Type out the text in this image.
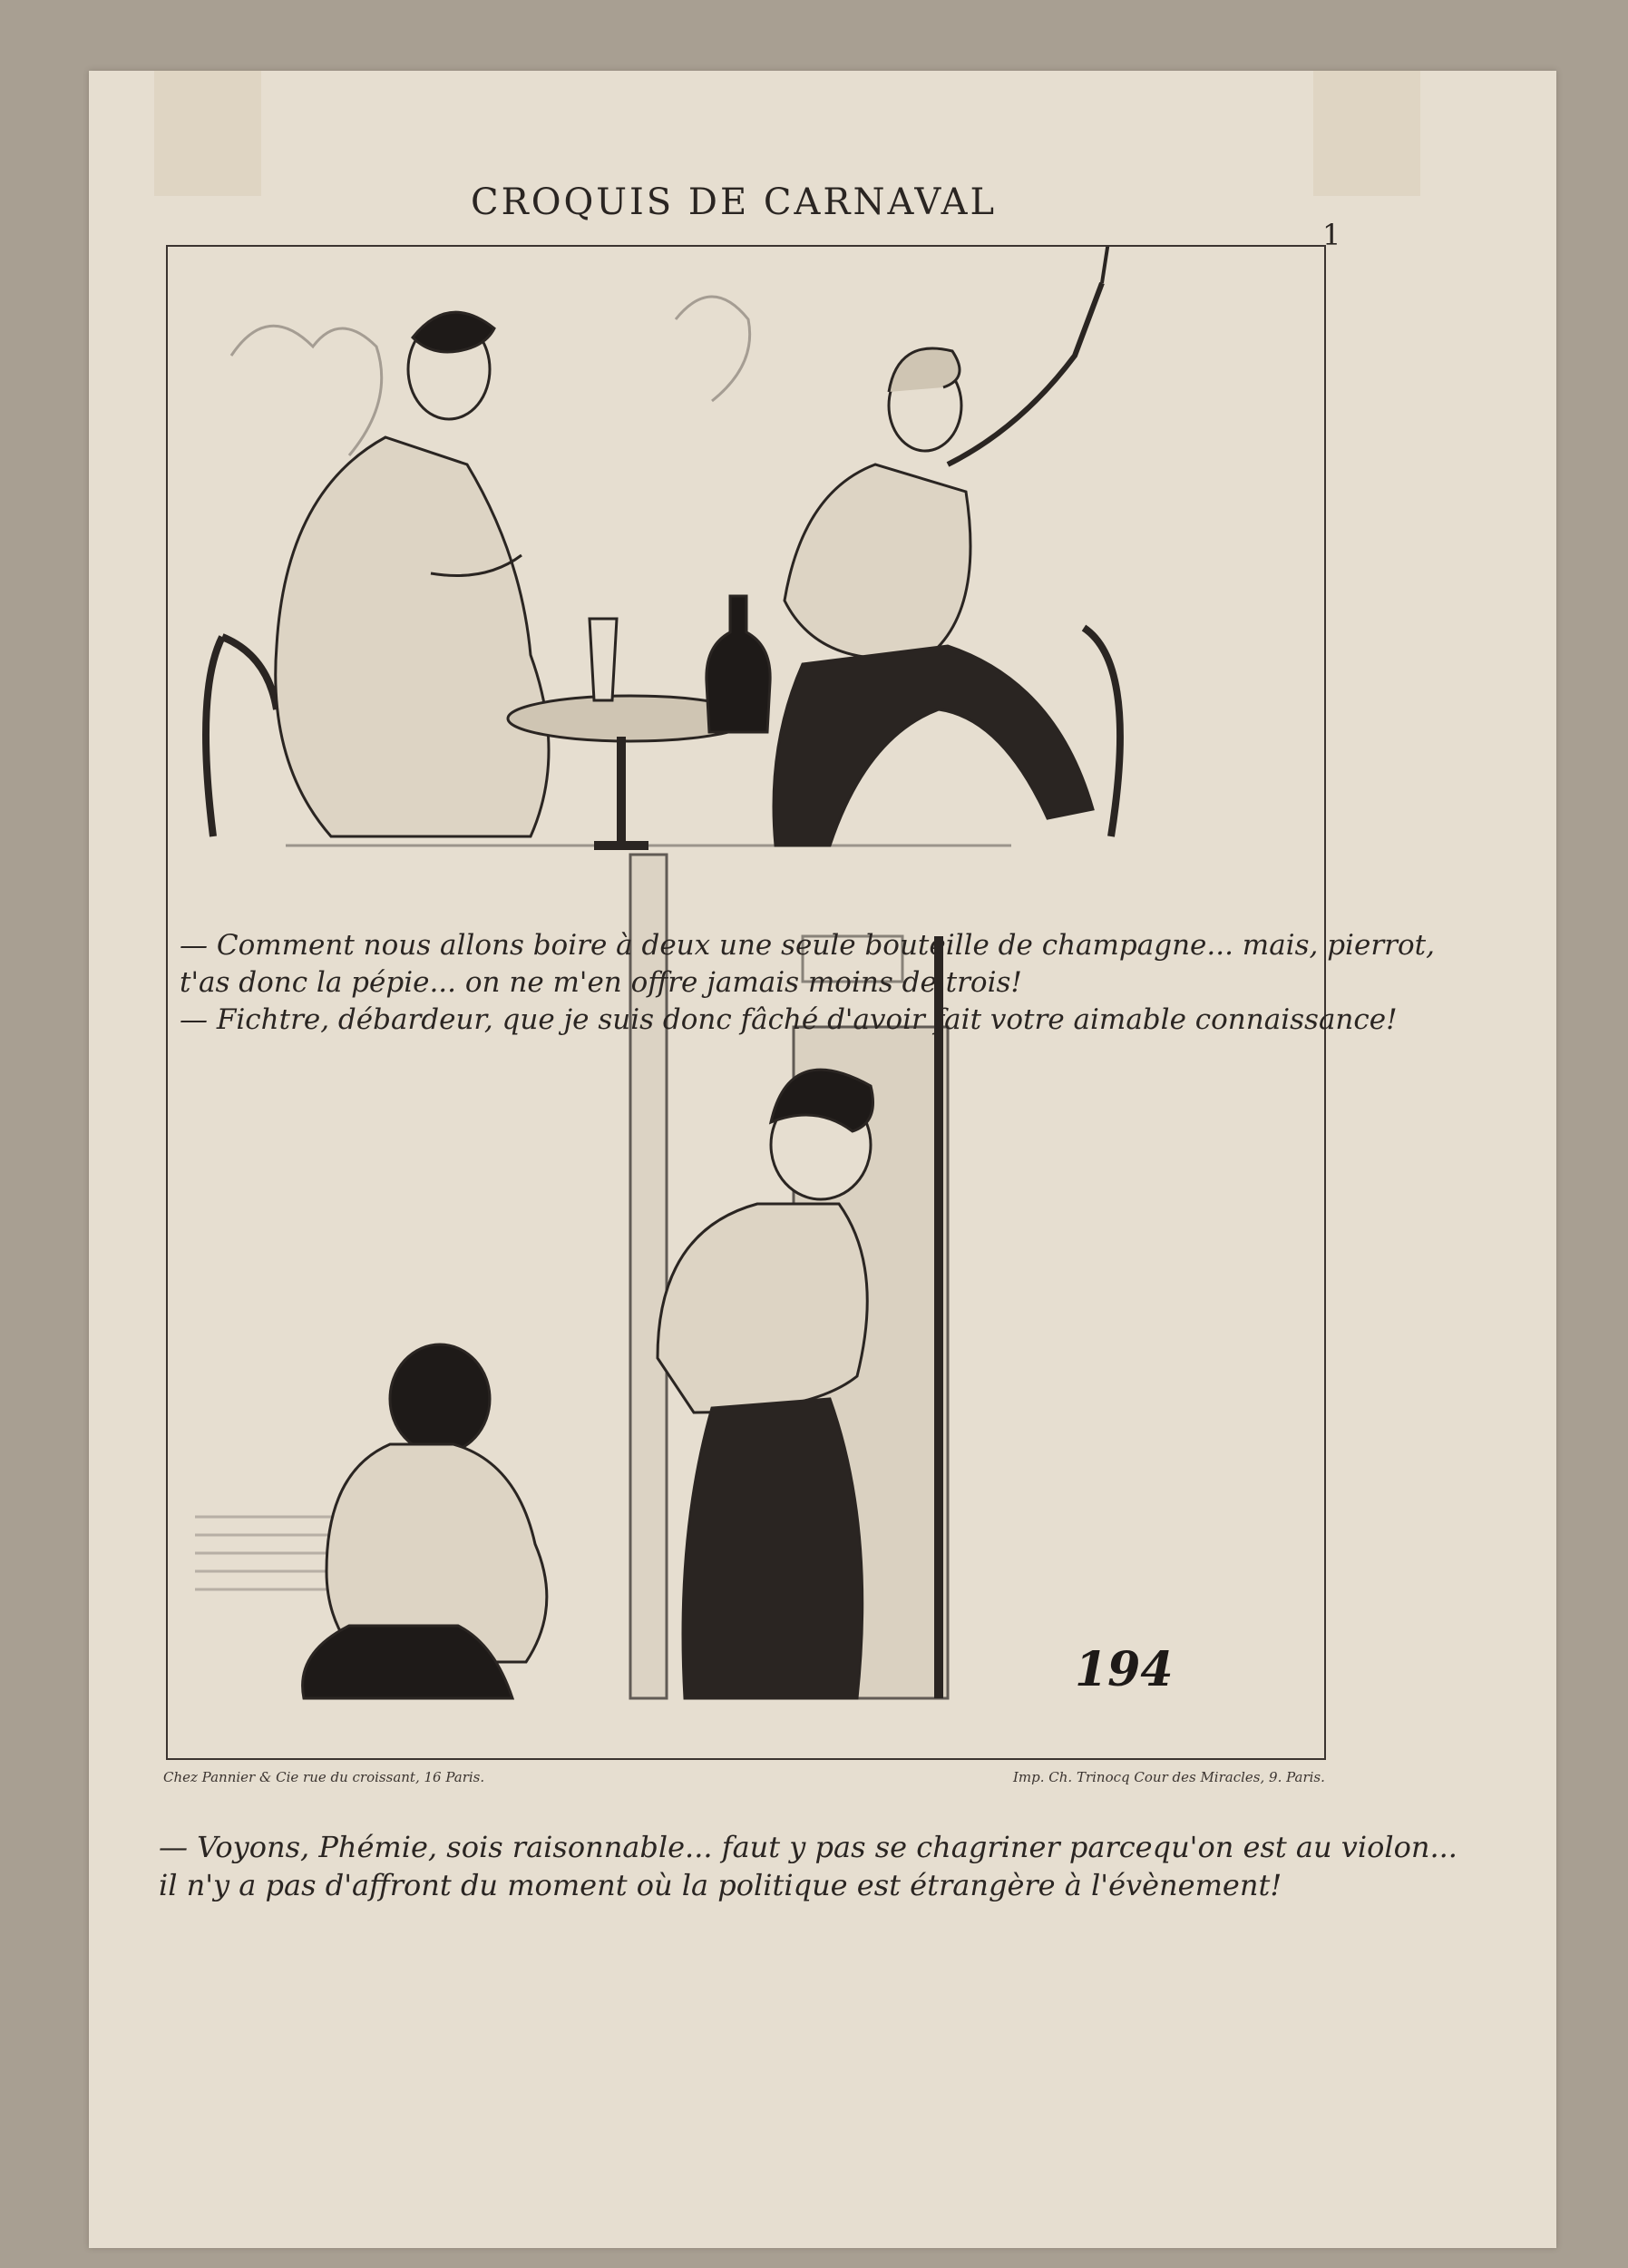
CROQUIS DE CARNAVAL
1
— Comment nous allons boire à deux une seule bouteille de champagne... mais, pierrot,
t'as donc la pépie... on ne m'en offre jamais moins de trois!
— Fichtre, débardeur, que je suis donc fâché d'avoir fait votre aimable connaissance!
194
Chez Pannier & Cie rue du croissant, 16 Paris.	Imp. Ch. Trinocq Cour des Miracles, 9. Paris.
— Voyons, Phémie, sois raisonnable... faut y pas se chagriner parcequ'on est au violon...
il n'y a pas d'affront du moment où la politique est étrangère à l'évènement!
